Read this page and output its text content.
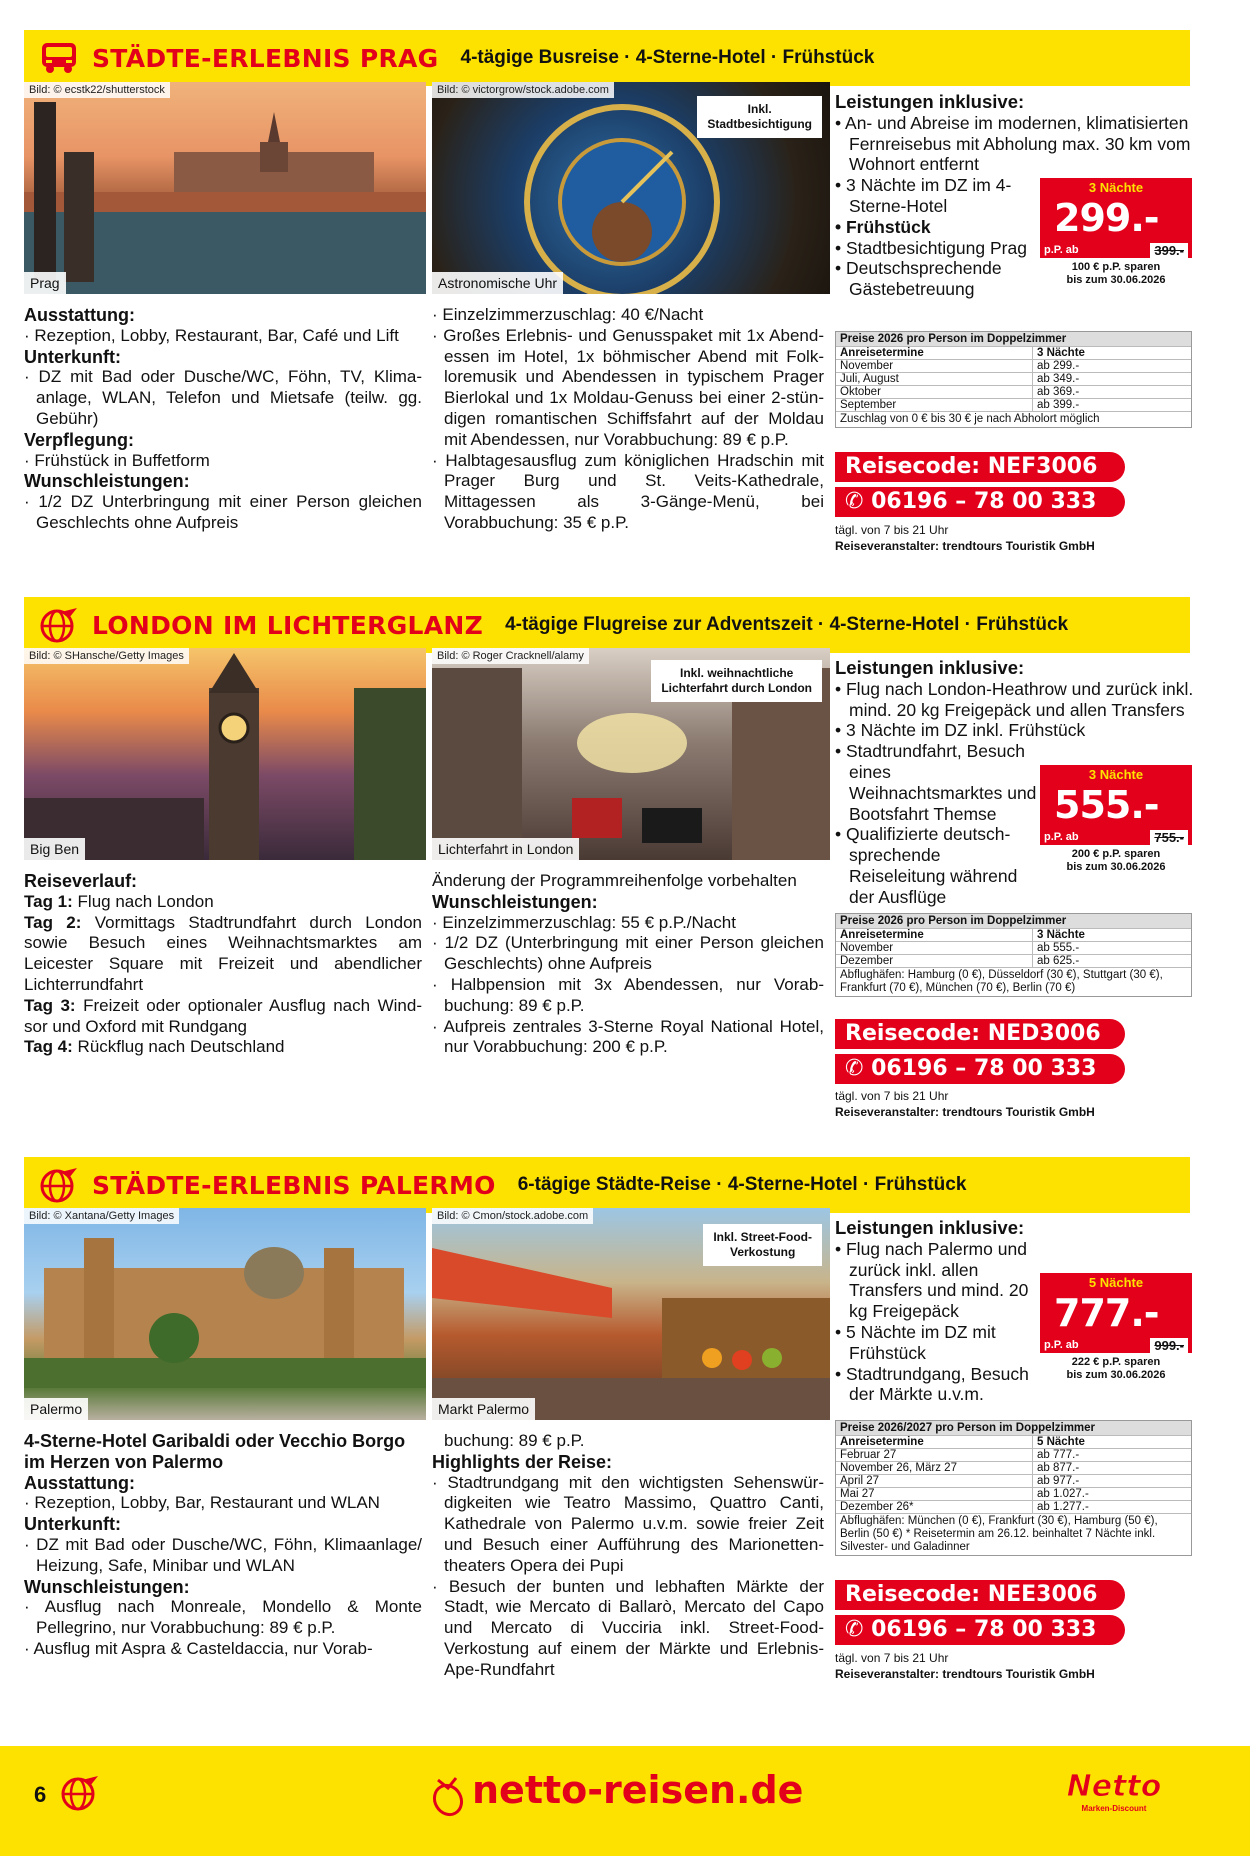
STÄDTE-ERLEBNIS PRAG 4-tägige Busreise · 4-Sterne-Hotel · Frühstück
Bild: © ecstk22/shutterstock
Prag
Bild: © victorgrow/stock.adobe.com
Inkl.
Stadtbesichtigung
Astronomische Uhr
Ausstattung:
· Rezeption, Lobby, Restaurant, Bar, Café und Lift
Unterkunft:
· DZ mit Bad oder Dusche/WC, Föhn, TV, Klima-anlage, WLAN, Telefon und Mietsafe (teilw. gg. Gebühr)
Verpflegung:
· Frühstück in Buffetform
Wunschleistungen:
· 1/2 DZ Unterbringung mit einer Person gleichen Geschlechts ohne Aufpreis
· Einzelzimmerzuschlag: 40 €/Nacht
· Großes Erlebnis- und Genusspaket mit 1x Abend-essen im Hotel, 1x böhmischer Abend mit Folk-loremusik und Abendessen in typischem Prager Bierlokal und 1x Moldau-Genuss bei einer 2-stün-digen romantischen Schiffsfahrt auf der Moldau mit Abendessen, nur Vorabbuchung: 89 € p.P.
· Halbtagesausflug zum königlichen Hradschin mit Prager Burg und St. Veits-Kathedrale, Mittagessen als 3-Gänge-Menü, bei Vorabbuchung: 35 € p.P.
Leistungen inklusive:
• An- und Abreise im modernen, klimatisierten Fernreisebus mit Abholung max. 30 km vom Wohnort entfernt
• 3 Nächte im DZ im 4-Sterne-Hotel
• Frühstück
• Stadtbesichtigung Prag
• Deutschsprechende Gästebetreuung
3 Nächte
299.-
p.P. ab	399.-
100 € p.P. sparen
bis zum 30.06.2026
Preise 2026 pro Person im Doppelzimmer
Anreisetermine	3 Nächte
November	ab 299.-
Juli, August	ab 349.-
Oktober	ab 369.-
September	ab 399.-
Zuschlag von 0 € bis 30 € je nach Abholort möglich
Reisecode: NEF3006
✆ 06196 – 78 00 333
tägl. von 7 bis 21 Uhr
Reiseveranstalter: trendtours Touristik GmbH
LONDON IM LICHTERGLANZ 4-tägige Flugreise zur Adventszeit · 4-Sterne-Hotel · Frühstück
Bild: © SHansche/Getty Images
Big Ben
Bild: © Roger Cracknell/alamy
Inkl. weihnachtliche
Lichterfahrt durch London
Lichterfahrt in London
Reiseverlauf:
Tag 1: Flug nach London
Tag 2: Vormittags Stadtrundfahrt durch London sowie Besuch eines Weihnachtsmarktes am Leicester Square mit Freizeit und abendlicher Lichterrundfahrt
Tag 3: Freizeit oder optionaler Ausflug nach Wind-sor und Oxford mit Rundgang
Tag 4: Rückflug nach Deutschland
Änderung der Programmreihenfolge vorbehalten
Wunschleistungen:
· Einzelzimmerzuschlag: 55 € p.P./Nacht
· 1/2 DZ (Unterbringung mit einer Person gleichen Geschlechts) ohne Aufpreis
· Halbpension mit 3x Abendessen, nur Vorab-buchung: 89 € p.P.
· Aufpreis zentrales 3-Sterne Royal National Hotel, nur Vorabbuchung: 200 € p.P.
Leistungen inklusive:
• Flug nach London-Heathrow und zurück inkl. mind. 20 kg Freigepäck und allen Transfers
• 3 Nächte im DZ inkl. Frühstück
• Stadtrundfahrt, Besuch eines Weihnachtsmarktes und Bootsfahrt Themse
• Qualifizierte deutsch-sprechende Reiseleitung während der Ausflüge
3 Nächte
555.-
p.P. ab	755.-
200 € p.P. sparen
bis zum 30.06.2026
Preise 2026 pro Person im Doppelzimmer
Anreisetermine	3 Nächte
November	ab 555.-
Dezember	ab 625.-
Abflughäfen: Hamburg (0 €), Düsseldorf (30 €), Stuttgart (30 €), Frankfurt (70 €), München (70 €), Berlin (70 €)
Reisecode: NED3006
✆ 06196 – 78 00 333
tägl. von 7 bis 21 Uhr
Reiseveranstalter: trendtours Touristik GmbH
STÄDTE-ERLEBNIS PALERMO 6-tägige Städte-Reise · 4-Sterne-Hotel · Frühstück
Bild: © Xantana/Getty Images
Palermo
Bild: © Cmon/stock.adobe.com
Inkl. Street-Food-
Verkostung
Markt Palermo
4-Sterne-Hotel Garibaldi oder Vecchio Borgo im Herzen von Palermo
Ausstattung:
· Rezeption, Lobby, Bar, Restaurant und WLAN
Unterkunft:
· DZ mit Bad oder Dusche/WC, Föhn, Klimaanlage/ Heizung, Safe, Minibar und WLAN
Wunschleistungen:
· Ausflug nach Monreale, Mondello & Monte Pellegrino, nur Vorabbuchung: 89 € p.P.
· Ausflug mit Aspra & Casteldaccia, nur Vorab-
buchung: 89 € p.P.
Highlights der Reise:
· Stadtrundgang mit den wichtigsten Sehenswür-digkeiten wie Teatro Massimo, Quattro Canti, Kathedrale von Palermo u.v.m. sowie freier Zeit und Besuch einer Aufführung des Marionetten-theaters Opera dei Pupi
· Besuch der bunten und lebhaften Märkte der Stadt, wie Mercato di Ballarò, Mercato del Capo und Mercato di Vucciria inkl. Street-Food-Verkostung auf einem der Märkte und Erlebnis-Ape-Rundfahrt
Leistungen inklusive:
• Flug nach Palermo und zurück inkl. allen Transfers und mind. 20 kg Freigepäck
• 5 Nächte im DZ mit Frühstück
• Stadtrundgang, Besuch der Märkte u.v.m.
5 Nächte
777.-
p.P. ab	999.-
222 € p.P. sparen
bis zum 30.06.2026
Preise 2026/2027 pro Person im Doppelzimmer
Anreisetermine	5 Nächte
Februar 27	ab 777.-
November 26, März 27	ab 877.-
April 27	ab 977.-
Mai 27	ab 1.027.-
Dezember 26*	ab 1.277.-
Abflughäfen: München (0 €), Frankfurt (30 €), Hamburg (50 €), Berlin (50 €) * Reisetermin am 26.12. beinhaltet 7 Nächte inkl. Silvester- und Galadinner
Reisecode: NEE3006
✆ 06196 – 78 00 333
tägl. von 7 bis 21 Uhr
Reiseveranstalter: trendtours Touristik GmbH
6	netto-reisen.de	Netto
Marken-Discount
